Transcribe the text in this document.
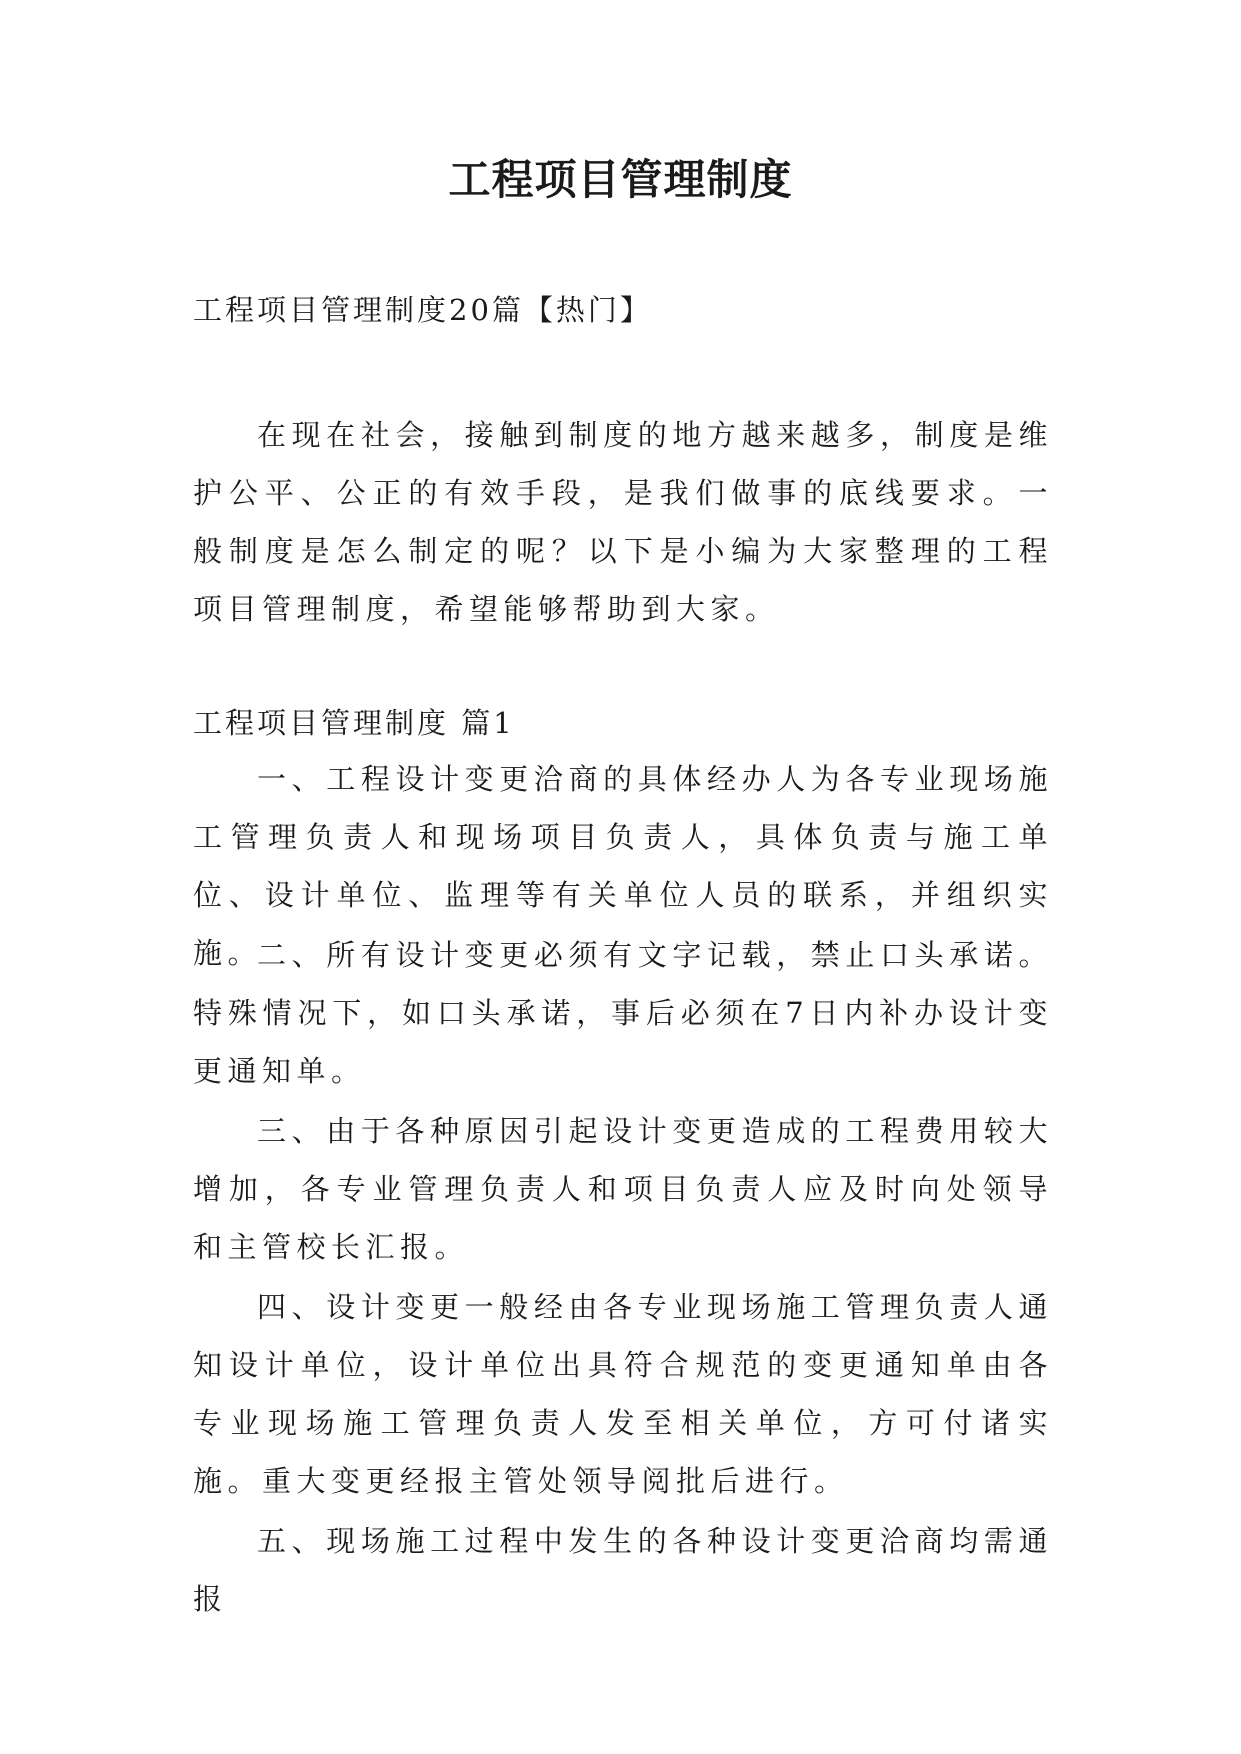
工程项目管理制度
工程项目管理制度20篇【热门】

在现在社会，接触到制度的地方越来越多，制度是维护公平、公正的有效手段，是我们做事的底线要求。一般制度是怎么制定的呢？以下是小编为大家整理的工程项目管理制度，希望能够帮助到大家。

工程项目管理制度 篇1

一、工程设计变更洽商的具体经办人为各专业现场施工管理负责人和现场项目负责人，具体负责与施工单位、设计单位、监理等有关单位人员的联系，并组织实施。

二、所有设计变更必须有文字记载，禁止口头承诺。特殊情况下，如口头承诺，事后必须在7日内补办设计变更通知单。

三、由于各种原因引起设计变更造成的工程费用较大增加，各专业管理负责人和项目负责人应及时向处领导和主管校长汇报。

四、设计变更一般经由各专业现场施工管理负责人通知设计单位，设计单位出具符合规范的变更通知单由各专业现场施工管理负责人发至相关单位，方可付诸实施。重大变更经报主管处领导阅批后进行。

五、现场施工过程中发生的各种设计变更洽商均需通报
